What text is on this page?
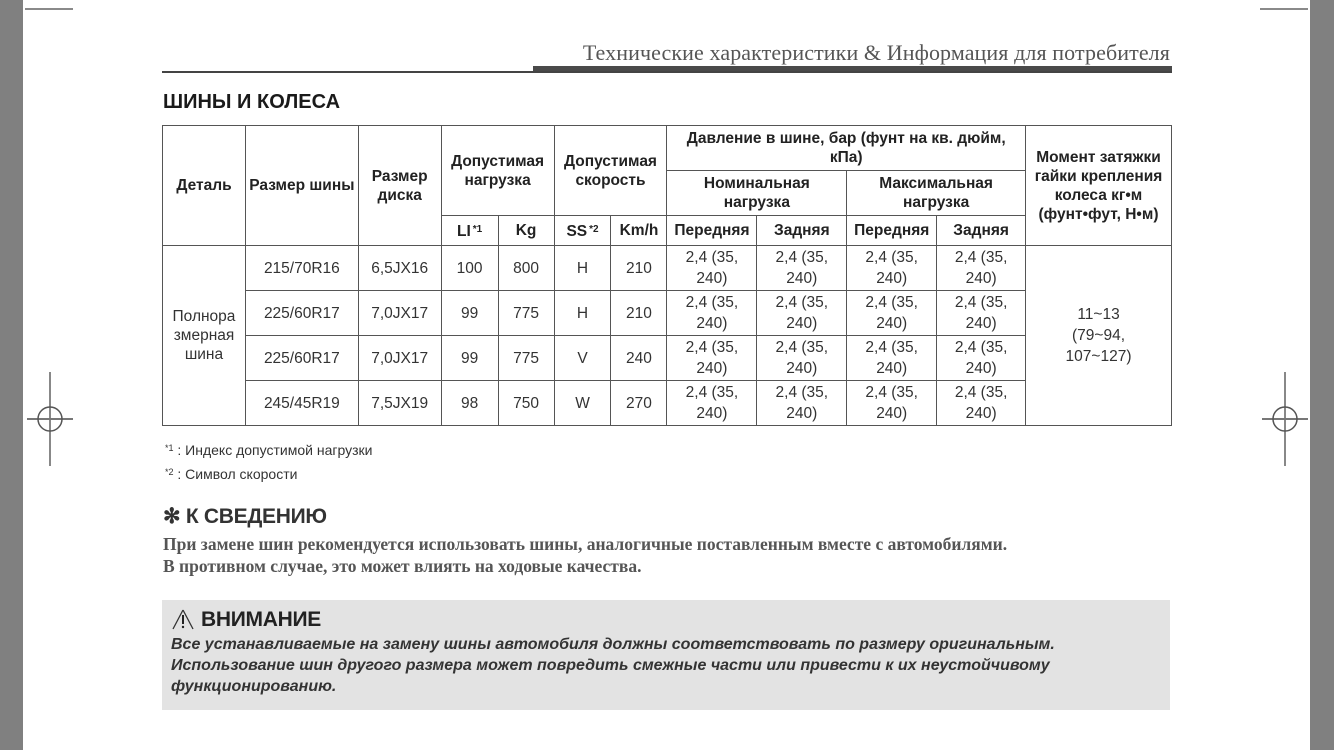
Технические характеристики & Информация для потребителя
ШИНЫ И КОЛЕСА
Деталь	Размер шины	Размер диска	Допустимая нагрузка		Допустимая скорость		Давление в шине, бар (фунт на кв. дюйм, кПа)				Момент затяжки гайки крепления колеса кг•м (фунт•фут, Н•м)
							Номинальная нагрузка		Максимальная нагрузка		
			LI $^{*1}$	Kg	SS $^{*2}$	Km/h	Передняя	Задняя	Передняя	Задняя	
Полнора змерная шина	215/70R16	6,5JX16	100	800	H	210	2,4 (35, 240)	2,4 (35, 240)	2,4 (35, 240)	2,4 (35, 240)	11~13 (79~94, 107~127)
	225/60R17	7,0JX17	99	775	H	210	2,4 (35, 240)	2,4 (35, 240)	2,4 (35, 240)	2,4 (35, 240)	
	225/60R17	7,0JX17	99	775	V	240	2,4 (35, 240)	2,4 (35, 240)	2,4 (35, 240)	2,4 (35, 240)	
	245/45R19	7,5JX19	98	750	W	270	2,4 (35, 240)	2,4 (35, 240)	2,4 (35, 240)	2,4 (35, 240)	
$^{*1}$ : Индекс допустимой нагрузки
$^{*2}$ : Символ скорости
✻ К СВЕДЕНИЮ
При замене шин рекомендуется использовать шины, аналогичные поставленным вместе с автомобилями.
В противном случае, это может влиять на ходовые качества.
ВНИМАНИЕ
Все устанавливаемые на замену шины автомобиля должны соответствовать по размеру оригинальным.
Использование шин другого размера может повредить смежные части или привести к их неустойчивому функционированию.
